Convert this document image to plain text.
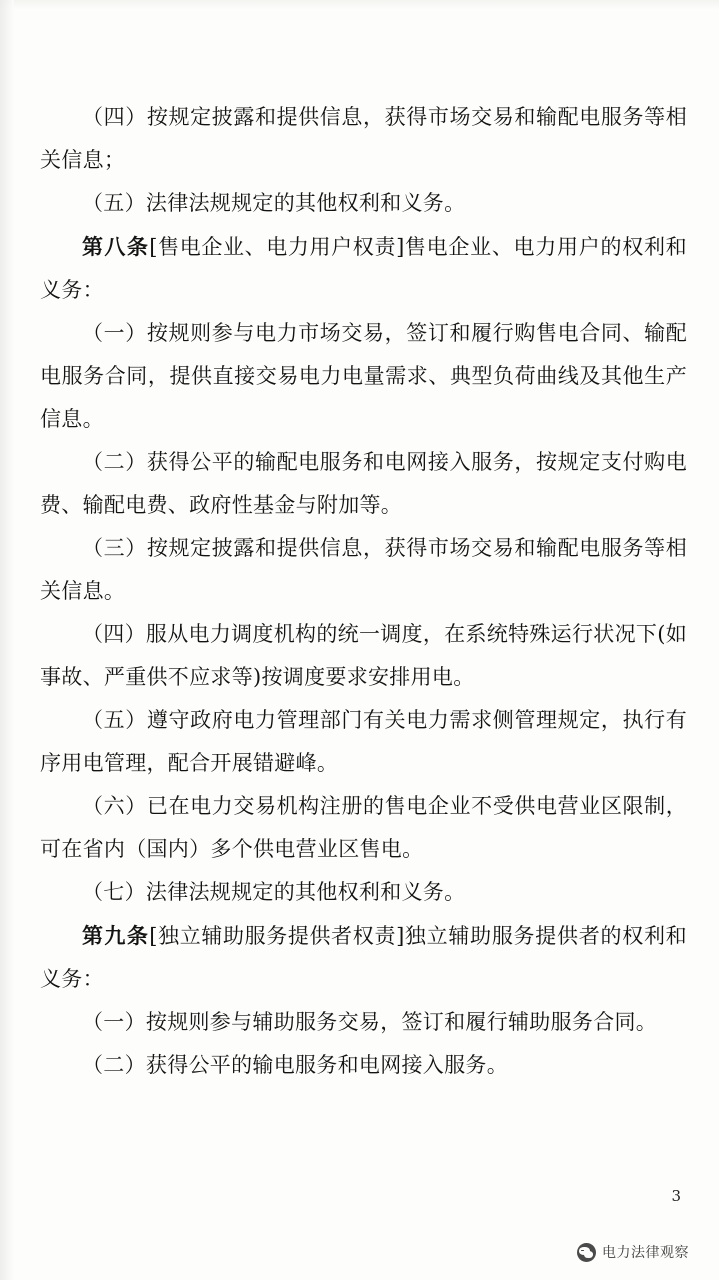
（四）按规定披露和提供信息，获得市场交易和输配电服务等相关信息；

（五）法律法规规定的其他权利和义务。

第八条[售电企业、电力用户权责]售电企业、电力用户的权利和义务：

（一）按规则参与电力市场交易，签订和履行购售电合同、输配电服务合同，提供直接交易电力电量需求、典型负荷曲线及其他生产信息。

（二）获得公平的输配电服务和电网接入服务，按规定支付购电费、输配电费、政府性基金与附加等。

（三）按规定披露和提供信息，获得市场交易和输配电服务等相关信息。

（四）服从电力调度机构的统一调度，在系统特殊运行状况下(如事故、严重供不应求等)按调度要求安排用电。

（五）遵守政府电力管理部门有关电力需求侧管理规定，执行有序用电管理，配合开展错避峰。

（六）已在电力交易机构注册的售电企业不受供电营业区限制，可在省内（国内）多个供电营业区售电。

（七）法律法规规定的其他权利和义务。

第九条[独立辅助服务提供者权责]独立辅助服务提供者的权利和义务：

（一）按规则参与辅助服务交易，签订和履行辅助服务合同。

（二）获得公平的输电服务和电网接入服务。

3
电力法律观察
